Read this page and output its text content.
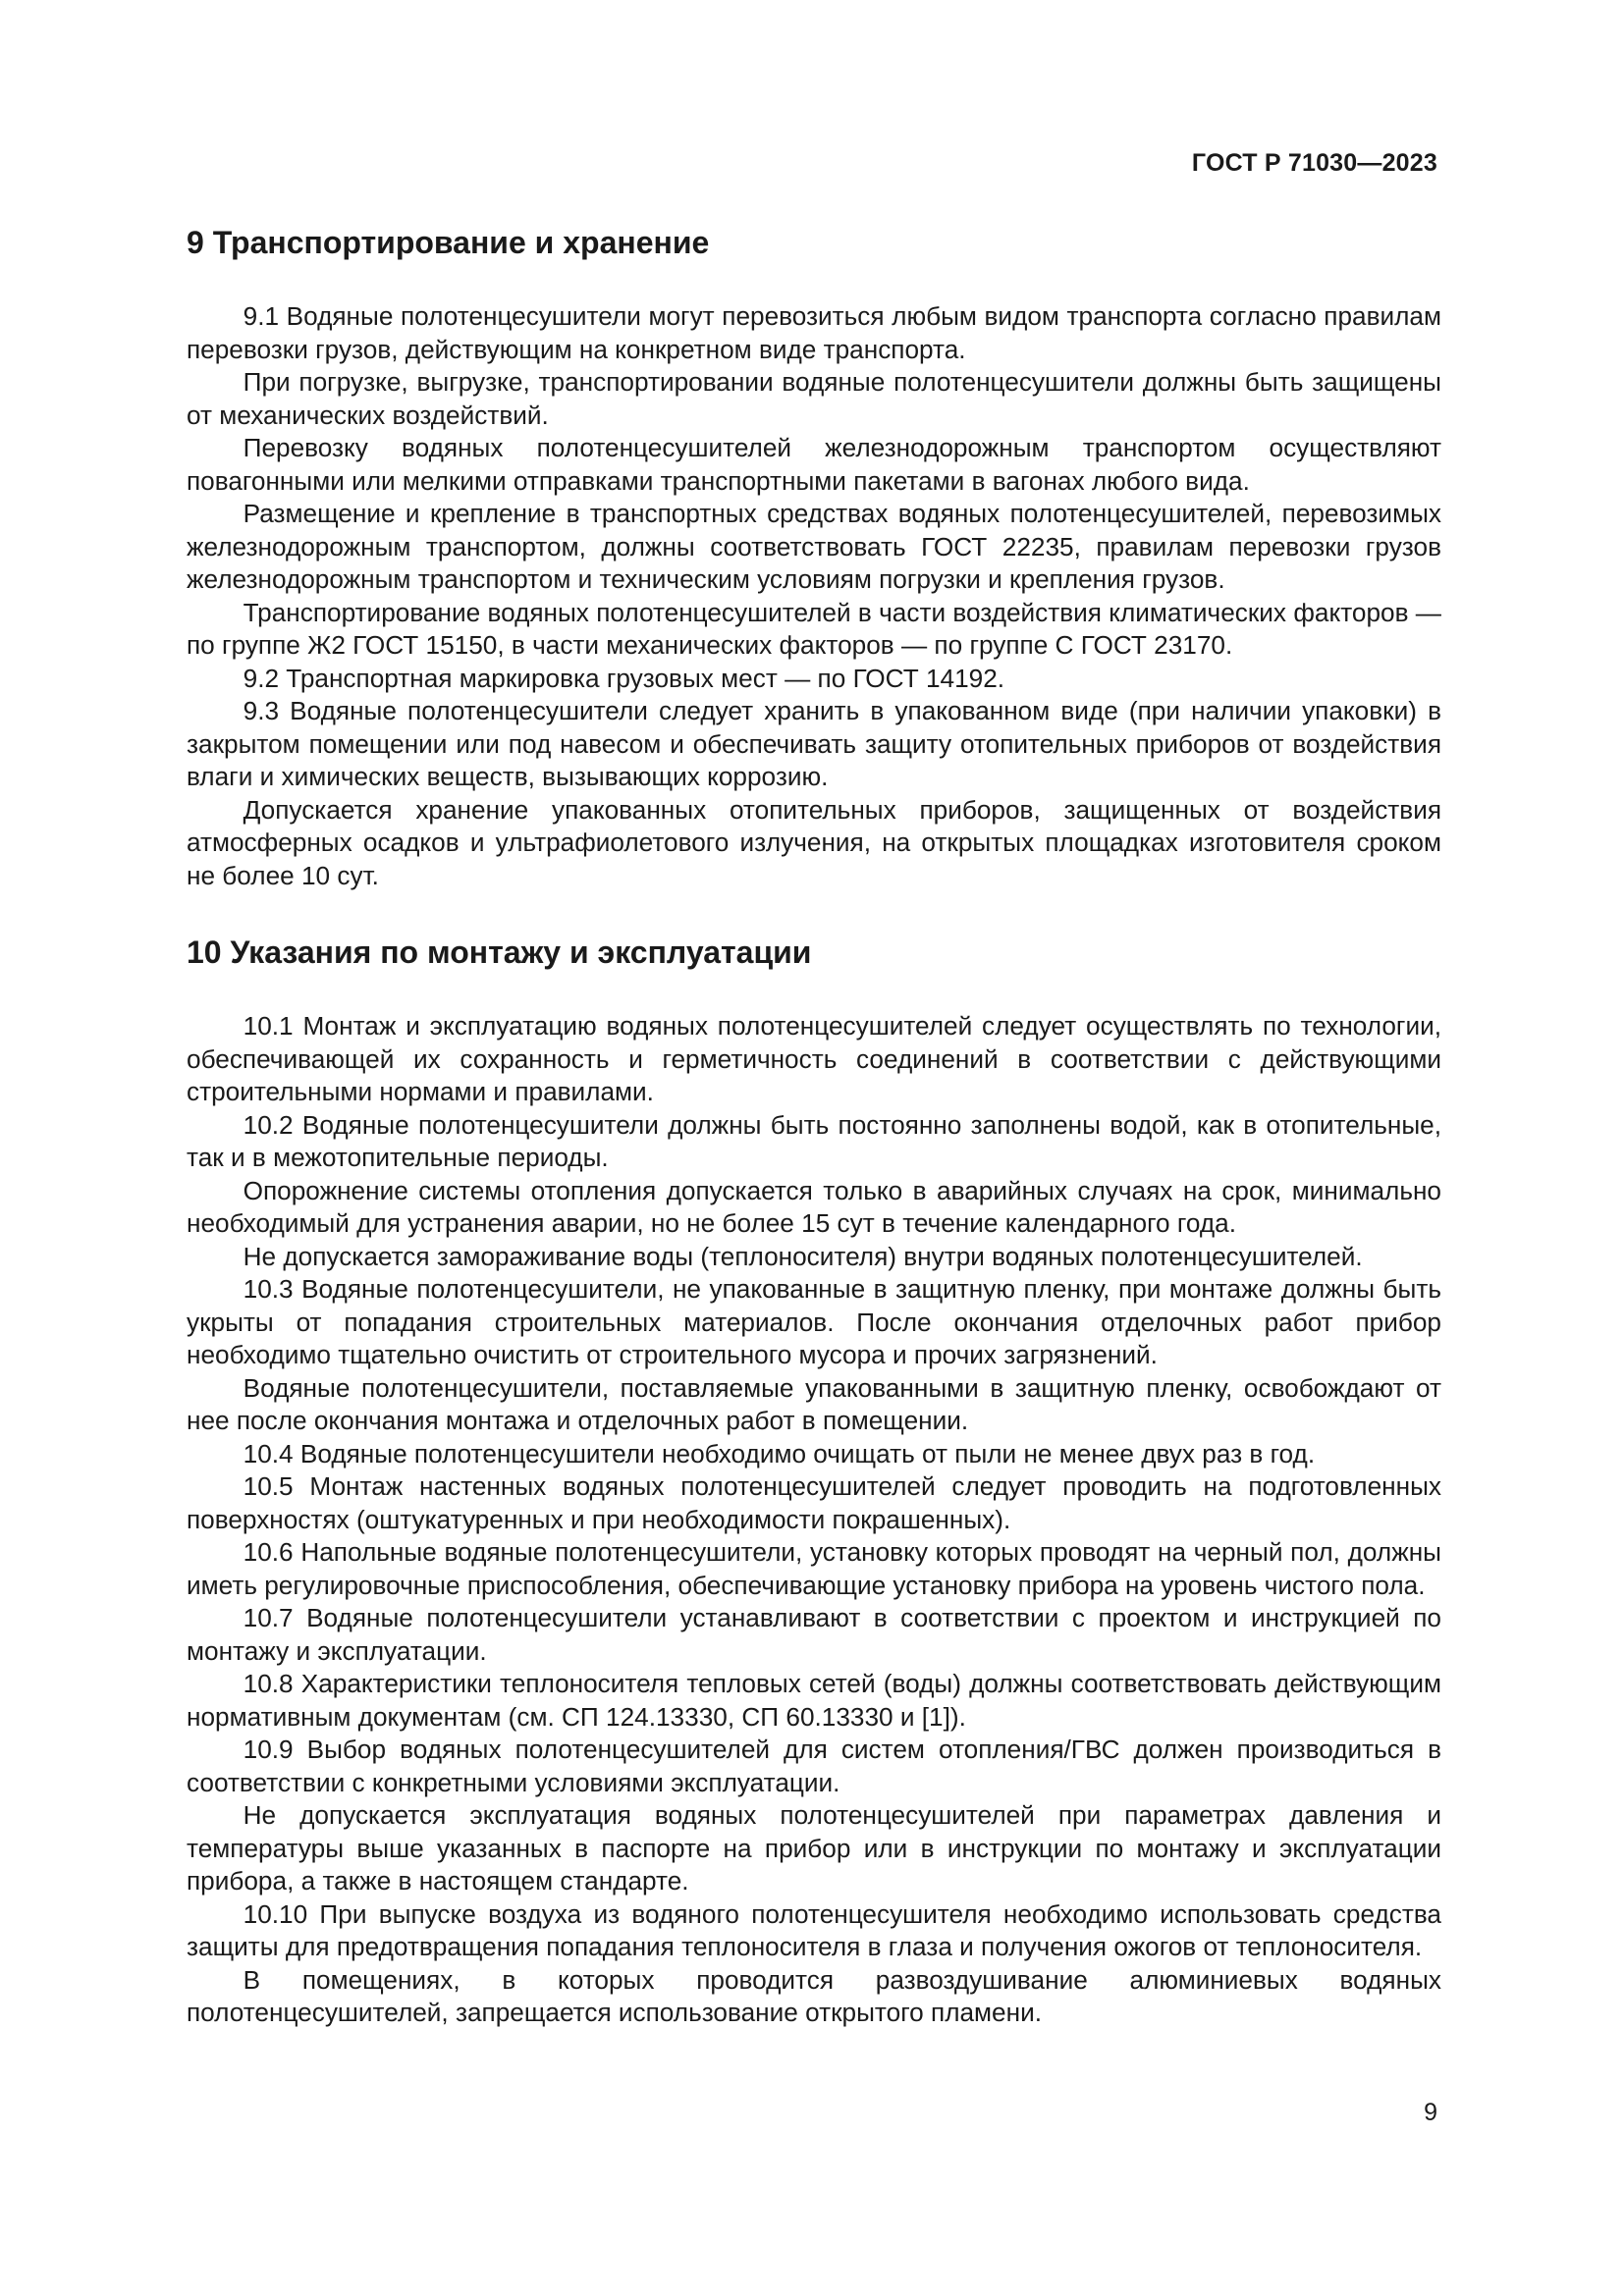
ГОСТ Р 71030—2023

9 Транспортирование и хранение

9.1 Водяные полотенцесушители могут перевозиться любым видом транспорта согласно правилам перевозки грузов, действующим на конкретном виде транспорта.

При погрузке, выгрузке, транспортировании водяные полотенцесушители должны быть защищены от механических воздействий.

Перевозку водяных полотенцесушителей железнодорожным транспортом осуществляют повагонными или мелкими отправками транспортными пакетами в вагонах любого вида.

Размещение и крепление в транспортных средствах водяных полотенцесушителей, перевозимых железнодорожным транспортом, должны соответствовать ГОСТ 22235, правилам перевозки грузов железнодорожным транспортом и техническим условиям погрузки и крепления грузов.

Транспортирование водяных полотенцесушителей в части воздействия климатических факторов — по группе Ж2 ГОСТ 15150, в части механических факторов — по группе С ГОСТ 23170.

9.2 Транспортная маркировка грузовых мест — по ГОСТ 14192.

9.3 Водяные полотенцесушители следует хранить в упакованном виде (при наличии упаковки) в закрытом помещении или под навесом и обеспечивать защиту отопительных приборов от воздействия влаги и химических веществ, вызывающих коррозию.

Допускается хранение упакованных отопительных приборов, защищенных от воздействия атмосферных осадков и ультрафиолетового излучения, на открытых площадках изготовителя сроком не более 10 сут.

10 Указания по монтажу и эксплуатации

10.1 Монтаж и эксплуатацию водяных полотенцесушителей следует осуществлять по технологии, обеспечивающей их сохранность и герметичность соединений в соответствии с действующими строительными нормами и правилами.

10.2 Водяные полотенцесушители должны быть постоянно заполнены водой, как в отопительные, так и в межотопительные периоды.

Опорожнение системы отопления допускается только в аварийных случаях на срок, минимально необходимый для устранения аварии, но не более 15 сут в течение календарного года.

Не допускается замораживание воды (теплоносителя) внутри водяных полотенцесушителей.

10.3 Водяные полотенцесушители, не упакованные в защитную пленку, при монтаже должны быть укрыты от попадания строительных материалов. После окончания отделочных работ прибор необходимо тщательно очистить от строительного мусора и прочих загрязнений.

Водяные полотенцесушители, поставляемые упакованными в защитную пленку, освобождают от нее после окончания монтажа и отделочных работ в помещении.

10.4 Водяные полотенцесушители необходимо очищать от пыли не менее двух раз в год.

10.5 Монтаж настенных водяных полотенцесушителей следует проводить на подготовленных поверхностях (оштукатуренных и при необходимости покрашенных).

10.6 Напольные водяные полотенцесушители, установку которых проводят на черный пол, должны иметь регулировочные приспособления, обеспечивающие установку прибора на уровень чистого пола.

10.7 Водяные полотенцесушители устанавливают в соответствии с проектом и инструкцией по монтажу и эксплуатации.

10.8 Характеристики теплоносителя тепловых сетей (воды) должны соответствовать действующим нормативным документам (см. СП 124.13330, СП 60.13330 и [1]).

10.9 Выбор водяных полотенцесушителей для систем отопления/ГВС должен производиться в соответствии с конкретными условиями эксплуатации.

Не допускается эксплуатация водяных полотенцесушителей при параметрах давления и температуры выше указанных в паспорте на прибор или в инструкции по монтажу и эксплуатации прибора, а также в настоящем стандарте.

10.10 При выпуске воздуха из водяного полотенцесушителя необходимо использовать средства защиты для предотвращения попадания теплоносителя в глаза и получения ожогов от теплоносителя.

В помещениях, в которых проводится развоздушивание алюминиевых водяных полотенцесушителей, запрещается использование открытого пламени.

9
